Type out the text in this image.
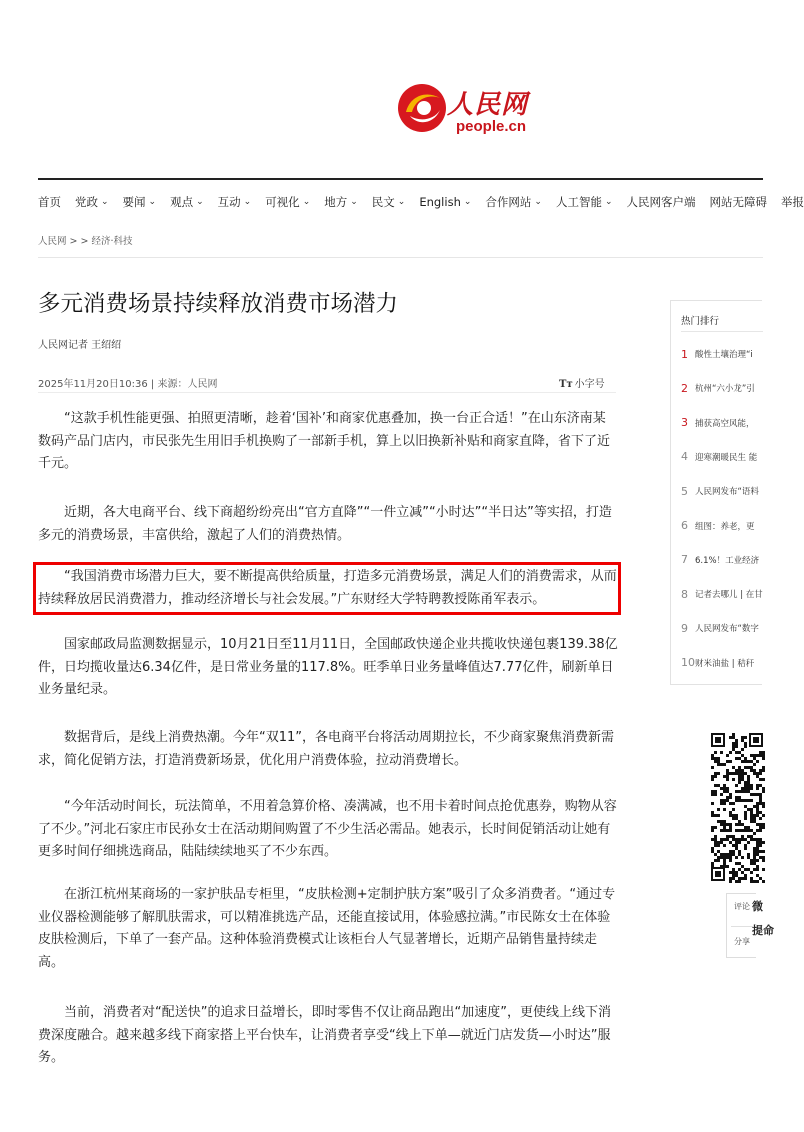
人民网
people.cn
首页 党政 ⌄ 要闻 ⌄ 观点 ⌄ 互动 ⌄ 可视化 ⌄ 地方 ⌄ 民文 ⌄ English ⌄ 合作网站 ⌄ 人工智能 ⌄ 人民网客户端 网站无障碍 举报
人民网 > > 经济·科技
多元消费场景持续释放消费市场潜力
人民网记者 王绍绍
2025年11月20日10:36 | 来源：人民网	Tт 小字号

“这款手机性能更强、拍照更清晰，趁着‘国补’和商家优惠叠加，换一台正合适！”在山东济南某数码产品门店内，市民张先生用旧手机换购了一部新手机，算上以旧换新补贴和商家直降，省下了近千元。

近期，各大电商平台、线下商超纷纷亮出“官方直降”“一件立减”“小时达”“半日达”等实招，打造多元的消费场景，丰富供给，激起了人们的消费热情。

“我国消费市场潜力巨大，要不断提高供给质量，打造多元消费场景，满足人们的消费需求，从而持续释放居民消费潜力，推动经济增长与社会发展。”广东财经大学特聘教授陈甬军表示。

国家邮政局监测数据显示，10月21日至11月11日，全国邮政快递企业共揽收快递包裹139.38亿件，日均揽收量达6.34亿件，是日常业务量的117.8%。旺季单日业务量峰值达7.77亿件，刷新单日业务量纪录。

数据背后，是线上消费热潮。今年“双11”，各电商平台将活动周期拉长，不少商家聚焦消费新需求，简化促销方法，打造消费新场景，优化用户消费体验，拉动消费增长。

“今年活动时间长，玩法简单，不用着急算价格、凑满减，也不用卡着时间点抢优惠券，购物从容了不少。”河北石家庄市民孙女士在活动期间购置了不少生活必需品。她表示，长时间促销活动让她有更多时间仔细挑选商品，陆陆续续地买了不少东西。

在浙江杭州某商场的一家护肤品专柜里，“皮肤检测+定制护肤方案”吸引了众多消费者。“通过专业仪器检测能够了解肌肤需求，可以精准挑选产品，还能直接试用，体验感拉满。”市民陈女士在体验皮肤检测后，下单了一套产品。这种体验消费模式让该柜台人气显著增长，近期产品销售量持续走高。

当前，消费者对“配送快”的追求日益增长，即时零售不仅让商品跑出“加速度”，更使线上线下消费深度融合。越来越多线下商家搭上平台快车，让消费者享受“线上下单—就近门店发货—小时达”服务。

热门排行
1 酸性土壤治理“i
2 杭州“六小龙”引
3 捕获高空风能，
4 迎寒潮暖民生 能
5 人民网发布“语料
6 组图：养老，更
7 6.1%！工业经济
8 记者去哪儿 | 在甘
9 人民网发布“数字
10 财米油盐 | 秸秆
评论
分享
微
提命
